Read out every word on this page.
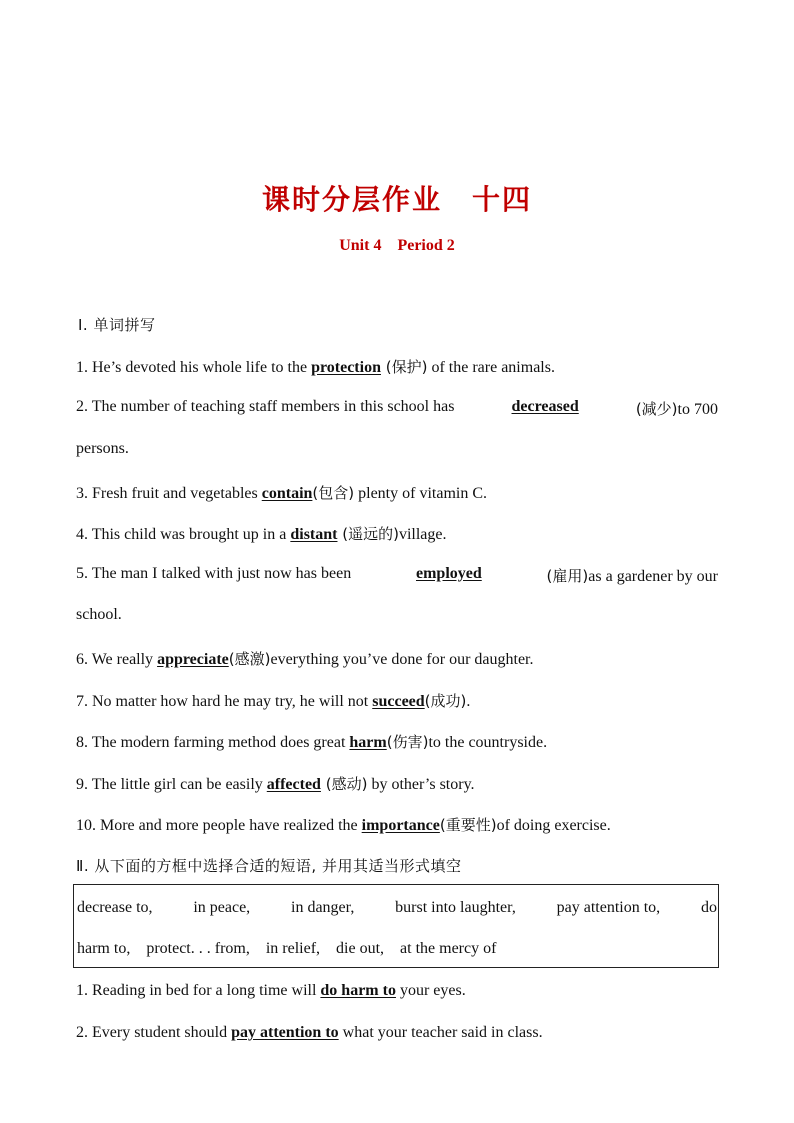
课时分层作业　十四
Unit 4　Period 2
Ⅰ. 单词拼写
1. He’s devoted his whole life to the protection (保护) of the rare animals.
2. The number of teaching staff members in this school has	decreased	(减少)to 700
persons.
3. Fresh fruit and vegetables contain(包含) plenty of vitamin C.
4. This child was brought up in a distant (遥远的)village.
5. The man I talked with just now has been	employed	(雇用)as a gardener by our
school.
6. We really appreciate(感激)everything you’ve done for our daughter.
7. No matter how hard he may try, he will not succeed(成功).
8. The modern farming method does great harm(伤害)to the countryside.
9. The little girl can be easily affected (感动) by other’s story.
10. More and more people have realized the importance(重要性)of doing exercise.
Ⅱ. 从下面的方框中选择合适的短语, 并用其适当形式填空
decrease to,	in peace,	in danger,	burst into laughter,	pay attention to,	do
harm to,    protect. . . from,    in relief,    die out,    at the mercy of
1. Reading in bed for a long time will do harm to your eyes.
2. Every student should pay attention to what your teacher said in class.
